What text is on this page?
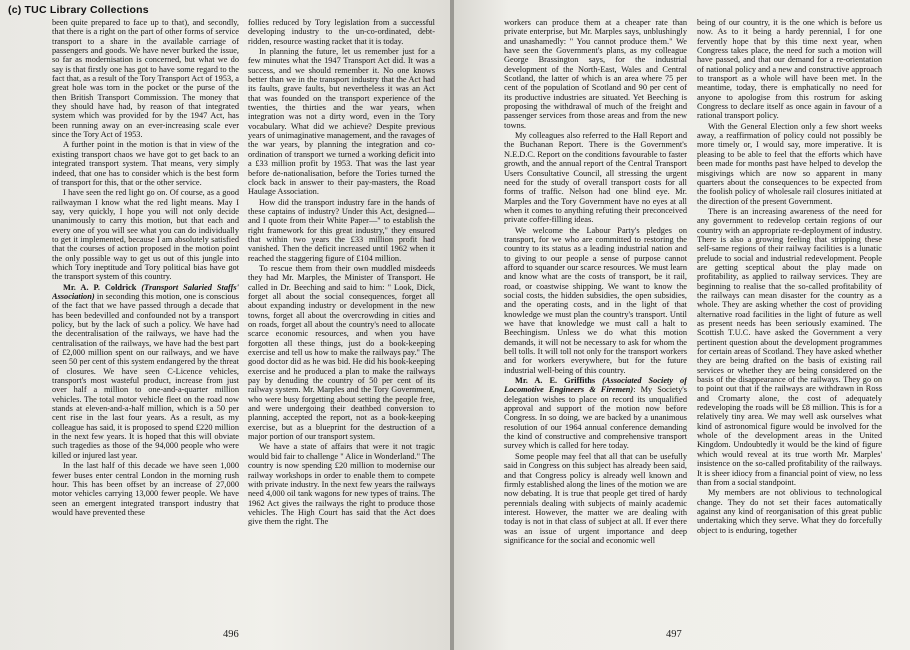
(c) TUC Library Collections

been quite prepared to face up to that), and secondly, that there is a right on the part of other forms of service transport to a share in the available carriage of passengers and goods. We have never burked the issue, so far as modernisation is concerned, but what we do say is that firstly one has got to have some regard to the fact that, as a result of the Tory Transport Act of 1953, a great hole was torn in the pocket or the purse of the then British Transport Commission. The money that they should have had, by reason of that integrated system which was provided for by the 1947 Act, has been running away on an ever-increasing scale ever since the Tory Act of 1953.

A further point in the motion is that in view of the existing transport chaos we have got to get back to an integrated transport system. That means, very simply indeed, that one has to consider which is the best form of transport for this, that or the other service.

I have seen the red light go on. Of course, as a good railwayman I know what the red light means. May I say, very quickly, I hope you will not only decide unanimously to carry this motion, but that each and every one of you will see what you can do individually to get it implemented, because I am absolutely satisfied that the courses of action proposed in the motion point the only possible way to get us out of this jungle into which Tory ineptitude and Tory political bias have got the transport system of this country.

Mr. A. P. Coldrick (Transport Salaried Staffs' Association) in seconding this motion, one is conscious of the fact that we have passed through a decade that has been bedevilled and confounded not by a transport policy, but by the lack of such a policy. We have had the decentralisation of the railways, we have had the centralisation of the railways, we have had the best part of £2,000 million spent on our railways, and we have seen 50 per cent of this system endangered by the threat of closures. We have seen C-Licence vehicles, transport's most wasteful product, increase from just over half a million to one-and-a-quarter million vehicles. The total motor vehicle fleet on the road now stands at eleven-and-a-half million, which is a 50 per cent rise in the last four years. As a result, as my colleague has said, it is proposed to spend £220 million in the next few years. It is hoped that this will obviate such tragedies as those of the 94,000 people who were killed or injured last year.

In the last half of this decade we have seen 1,000 fewer buses enter central London in the morning rush hour. This has been offset by an increase of 27,000 motor vehicles carrying 13,000 fewer people. We have seen an emergent integrated transport industry that would have prevented these

follies reduced by Tory legislation from a successful developing industry to the un-co-ordinated, debt-ridden, resource wasting racket that it is today.

In planning the future, let us remember just for a few minutes what the 1947 Transport Act did. It was a success, and we should remember it. No one knows better than we in the transport industry that the Act had its faults, grave faults, but nevertheless it was an Act that was founded on the transport experience of the twenties, the thirties and the war years, when integration was not a dirty word, even in the Tory vocabulary. What did we achieve? Despite previous years of unimaginative management, and the ravages of the war years, by planning the integration and co-ordination of transport we turned a working deficit into a £33 million profit by 1953. That was the last year before de-nationalisation, before the Tories turned the clock back in answer to their pay-masters, the Road Haulage Association.

How did the transport industry fare in the hands of these captains of industry? Under this Act, designed—and I quote from their White Paper—" to establish the right framework for this great industry," they ensured that within two years the £33 million profit had vanished. Then the deficit increased until 1962 when it reached the staggering figure of £104 million.

To rescue them from their own muddled misdeeds they had Mr. Marples, the Minister of Transport. He called in Dr. Beeching and said to him: " Look, Dick, forget all about the social consequences, forget all about expanding industry or development in the new towns, forget all about the overcrowding in cities and on roads, forget all about the country's need to allocate scarce economic resources, and when you have forgotten all these things, just do a book-keeping exercise and tell us how to make the railways pay." The good doctor did as he was bid. He did his book-keeping exercise and he produced a plan to make the railways pay by denuding the country of 50 per cent of its railway system. Mr. Marples and the Tory Government, who were busy forgetting about setting the people free, and were undergoing their deathbed conversion to planning, accepted the report, not as a book-keeping exercise, but as a blueprint for the destruction of a major portion of our transport system.

We have a state of affairs that were it not tragic would bid fair to challenge " Alice in Wonderland." The country is now spending £20 million to modernise our railway workshops in order to enable them to compete with private industry. In the next few years the railways need 4,000 oil tank wagons for new types of trains. The 1962 Act gives the railways the right to produce those vehicles. The High Court has said that the Act does give them the right. The

496

workers can produce them at a cheaper rate than private enterprise, but Mr. Marples says, unblushingly and unashamedly: " You cannot produce them." We have seen the Government's plans, as my colleague George Brassington says, for the industrial development of the North-East, Wales and Central Scotland, the latter of which is an area where 75 per cent of the population of Scotland and 90 per cent of its productive industries are situated. Yet Beeching is proposing the withdrawal of much of the freight and passenger services from those areas and from the new towns.

My colleagues also referred to the Hall Report and the Buchanan Report. There is the Government's N.E.D.C. Report on the conditions favourable to faster growth, and the annual report of the Central Transport Users Consultative Council, all stressing the urgent need for the study of overall transport costs for all forms of traffic. Nelson had one blind eye. Mr. Marples and the Tory Government have no eyes at all when it comes to anything refuting their preconceived private coffer-filling ideas.

We welcome the Labour Party's pledges on transport, for we who are committed to restoring the country to its status as a leading industrial nation and to giving to our people a sense of purpose cannot afford to squander our scarce resources. We must learn and know what are the costs of transport, be it rail, road, or coastwise shipping. We want to know the social costs, the hidden subsidies, the open subsidies, and the operating costs, and in the light of that knowledge we must plan the country's transport. Until we have that knowledge we must call a halt to Beechingism. Unless we do what this motion demands, it will not be necessary to ask for whom the bell tolls. It will toll not only for the transport workers and for workers everywhere, but for the future industrial well-being of this country.

Mr. A. E. Griffiths (Associated Society of Locomotive Engineers & Firemen): My Society's delegation wishes to place on record its unqualified approval and support of the motion now before Congress. In so doing, we are backed by a unanimous resolution of our 1964 annual conference demanding the kind of constructive and comprehensive transport survey which is called for here today.

Some people may feel that all that can be usefully said in Congress on this subject has already been said, and that Congress policy is already well known and firmly established along the lines of the motion we are now debating. It is true that people get tired of hardy perennials dealing with subjects of mainly academic interest. However, the matter we are dealing with today is not in that class of subject at all. If ever there was an issue of urgent importance and deep significance for the social and economic well

being of our country, it is the one which is before us now. As to it being a hardy perennial, I for one fervently hope that by this time next year, when Congress takes place, the need for such a motion will have passed, and that our demand for a re-orientation of national policy and a new and constructive approach to transport as a whole will have been met. In the meantime, today, there is emphatically no need for anyone to apologise from this rostrum for asking Congress to declare itself as once again in favour of a rational transport policy.

With the General Election only a few short weeks away, a reaffirmation of policy could not possibly be more timely or, I would say, more imperative. It is pleasing to be able to feel that the efforts which have been made for months past have helped to develop the misgivings which are now so apparent in many quarters about the consequences to be expected from the foolish policy of wholesale rail closures initiated at the direction of the present Government.

There is an increasing awareness of the need for any government to redevelop certain regions of our country with an appropriate re-deployment of industry. There is also a growing feeling that stripping these self-same regions of their railway facilities is a lunatic prelude to social and industrial redevelopment. People are getting sceptical about the play made on profitability, as applied to railway services. They are beginning to realise that the so-called profitability of the railways can mean disaster for the country as a whole. They are asking whether the cost of providing alternative road facilities in the light of future as well as present needs has been seriously examined. The Scottish T.U.C. have asked the Government a very pertinent question about the development programmes for certain areas of Scotland. They have asked whether they are being drafted on the basis of existing rail services or whether they are being considered on the basis of the disappearance of the railways. They go on to point out that if the railways are withdrawn in Ross and Cromarty alone, the cost of adequately redeveloping the roads will be £8 million. This is for a relatively tiny area. We may well ask ourselves what kind of astronomical figure would be involved for the whole of the development areas in the United Kingdom. Undoubtedly it would be the kind of figure which would reveal at its true worth Mr. Marples' insistence on the so-called profitability of the railways. It is sheer idiocy from a financial point of view, no less than from a social standpoint.

My members are not oblivious to technological change. They do not set their faces automatically against any kind of reorganisation of this great public undertaking which they serve. What they do forcefully object to is enduring, together

497
